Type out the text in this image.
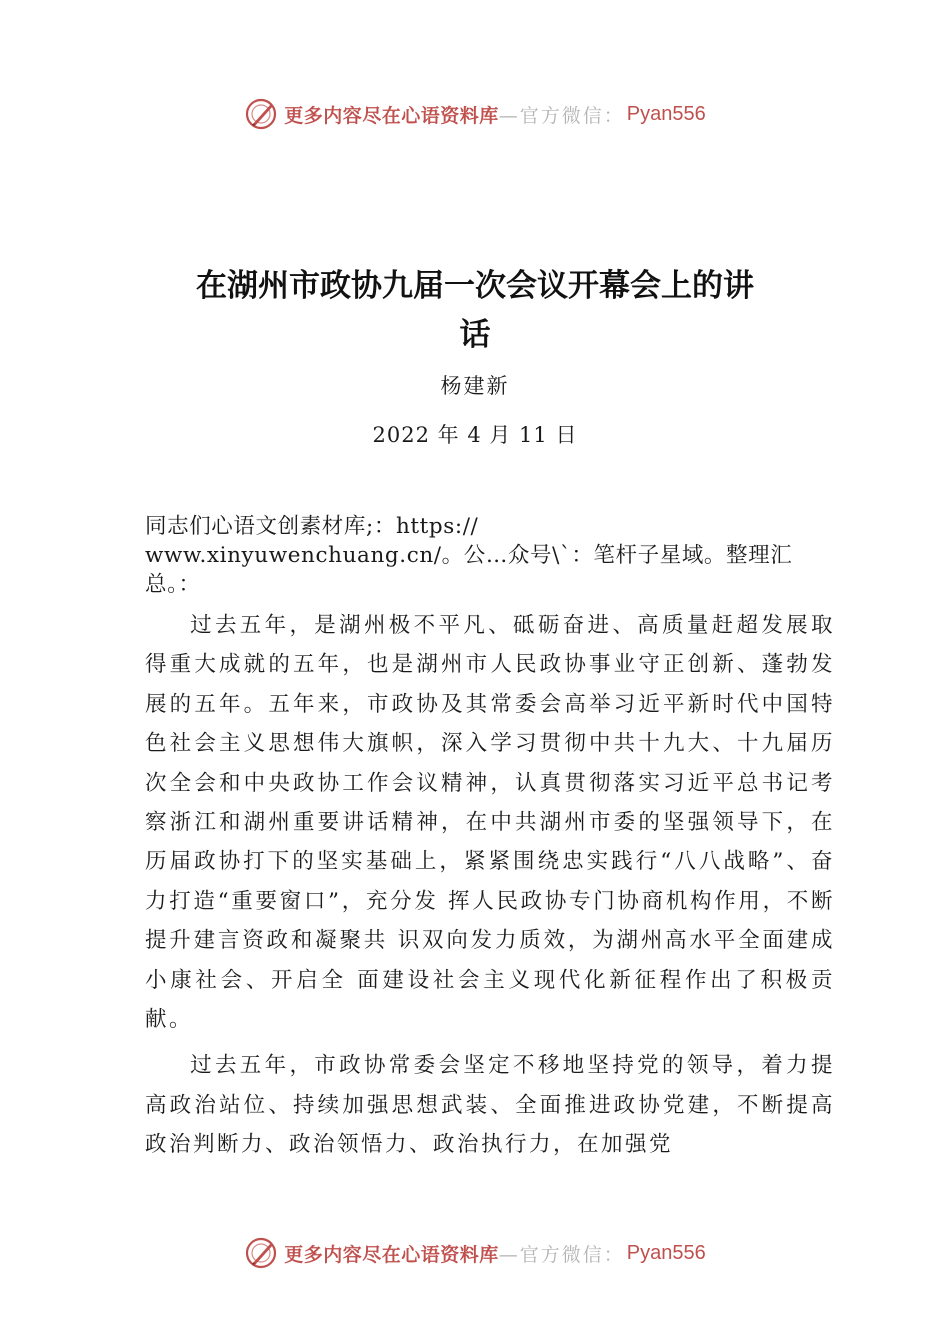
更多内容尽在心语资料库 —官方微信： Pyan556
在湖州市政协九届一次会议开幕会上的讲
话
杨建新
2022 年 4 月 11 日
同志们心语文创素材库;：https://
www.xinyuwenchuang.cn/。公…众号\`：笔杆子星域。整理汇
总。：

过去五年，是湖州极不平凡、砥砺奋进、高质量赶超发展取得重大成就的五年，也是湖州市人民政协事业守正创新、蓬勃发展的五年。五年来，市政协及其常委会高举习近平新时代中国特色社会主义思想伟大旗帜，深入学习贯彻中共十九大、十九届历次全会和中央政协工作会议精神，认真贯彻落实习近平总书记考察浙江和湖州重要讲话精神，在中共湖州市委的坚强领导下，在历届政协打下的坚实基础上，紧紧围绕忠实践行“八八战略”、奋力打造“重要窗口”，充分发 挥人民政协专门协商机构作用，不断提升建言资政和凝聚共 识双向发力质效，为湖州高水平全面建成小康社会、开启全 面建设社会主义现代化新征程作出了积极贡献。

过去五年，市政协常委会坚定不移地坚持党的领导，着力提高政治站位、持续加强思想武装、全面推进政协党建，不断提高政治判断力、政治领悟力、政治执行力，在加强党

更多内容尽在心语资料库 —官方微信： Pyan556
